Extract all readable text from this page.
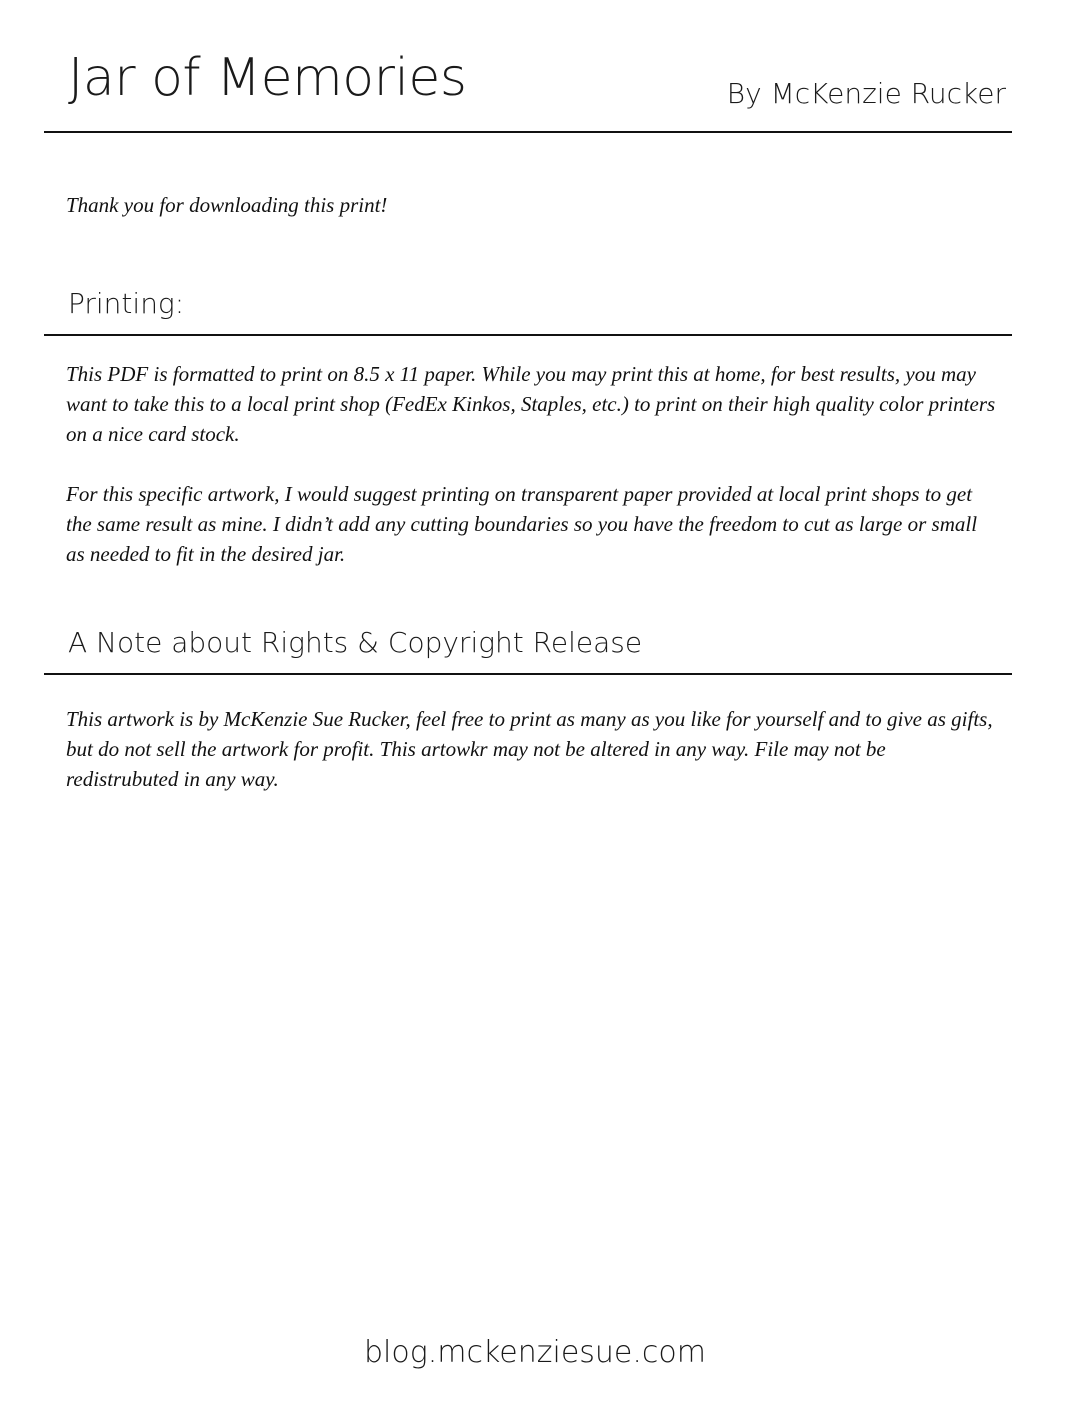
Jar of Memories	By McKenzie Rucker
Thank you for downloading this print!
Printing:
This PDF is formatted to print on 8.5 x 11 paper. While you may print this at home, for best results, you may want to take this to a local print shop (FedEx Kinkos, Staples, etc.) to print on their high quality color printers on a nice card stock.
For this specific artwork, I would suggest printing on transparent paper provided at local print shops to get the same result as mine. I didn’t add any cutting boundaries so you have the freedom to cut as large or small as needed to fit in the desired jar.
A Note about Rights & Copyright Release
This artwork is by McKenzie Sue Rucker, feel free to print as many as you like for yourself and to give as gifts, but do not sell the artwork for profit. This artowkr may not be altered in any way. File may not be redistrubuted in any way.
blog.mckenziesue.com
